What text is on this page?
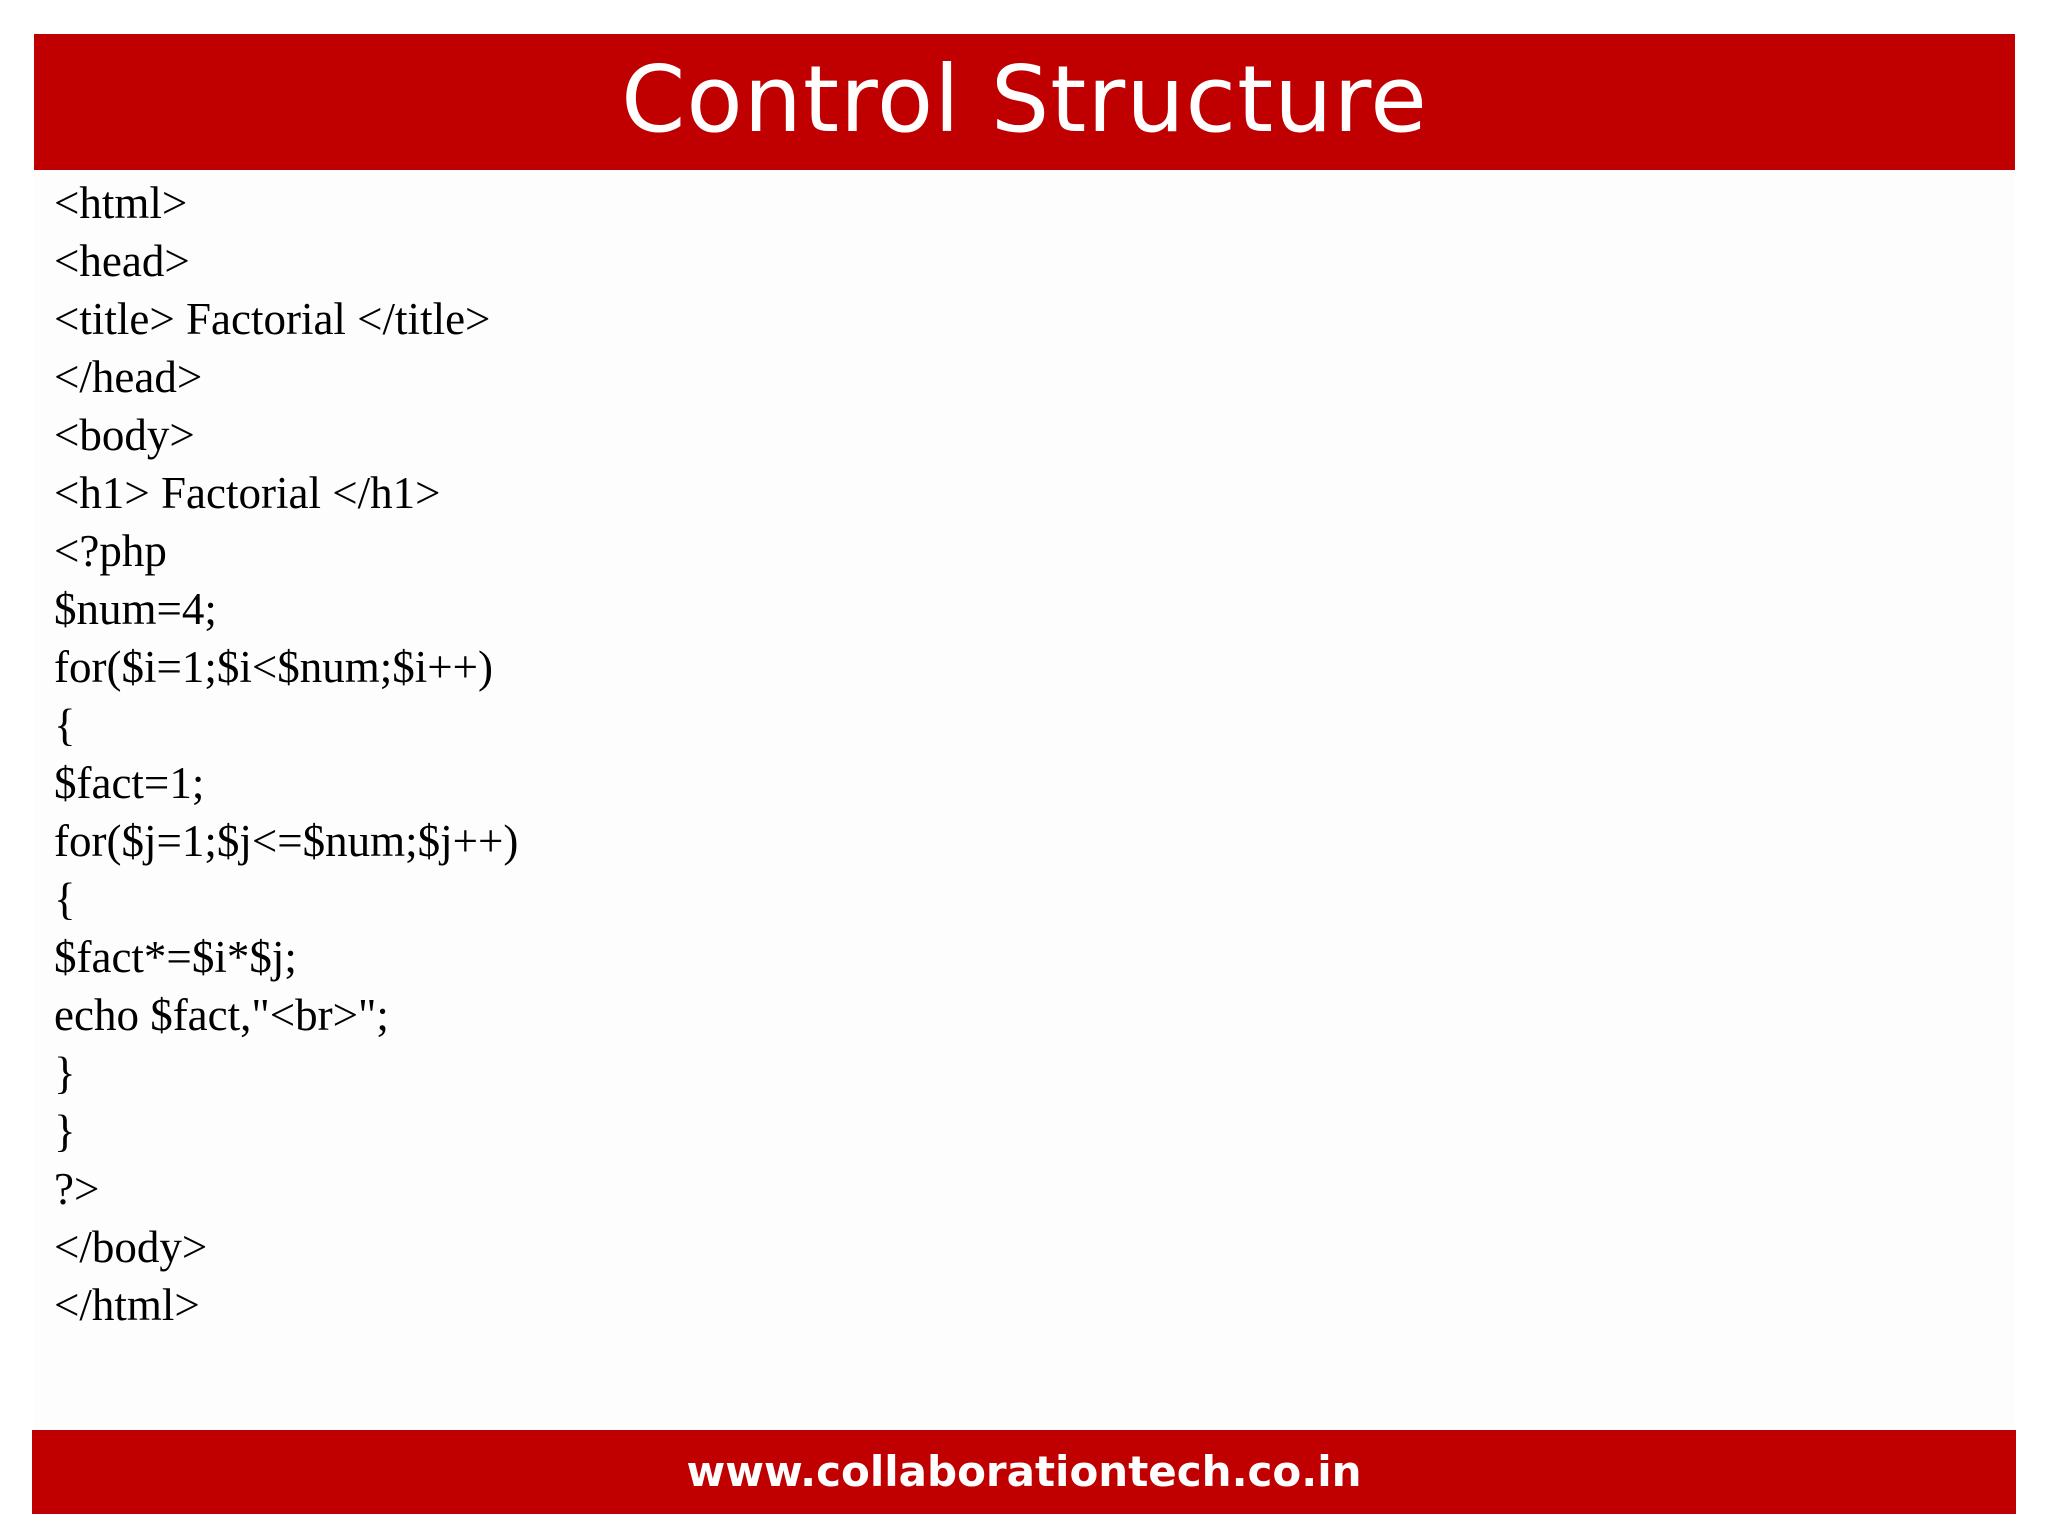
Control Structure
<html>
<head>
<title> Factorial </title>
</head>
<body>
<h1> Factorial </h1>
<?php
$num=4;
for($i=1;$i<$num;$i++)
{
$fact=1;
for($j=1;$j<=$num;$j++)
{
$fact*=$i*$j;
echo $fact,"<br>";
}
}
?>
</body>
</html>
www.collaborationtech.co.in
